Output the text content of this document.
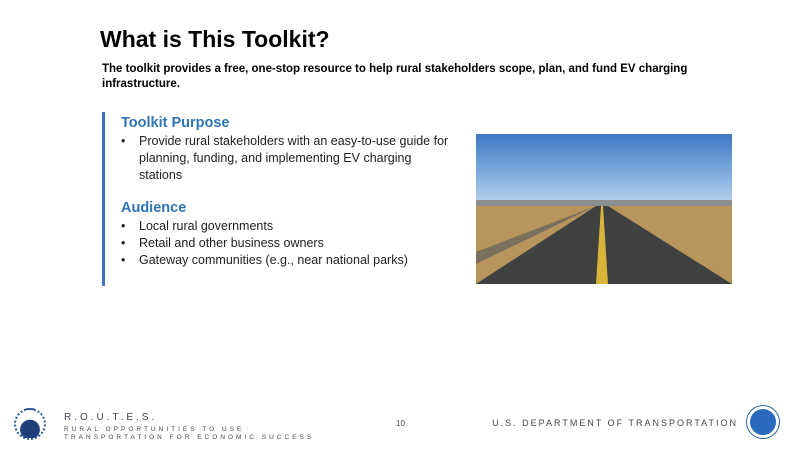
What is This Toolkit?
The toolkit provides a free, one-stop resource to help rural stakeholders scope, plan, and fund EV charging infrastructure.
Toolkit Purpose
• Provide rural stakeholders with an easy-to-use guide for planning, funding, and implementing EV charging stations
Audience
• Local rural governments
• Retail and other business owners
• Gateway communities (e.g., near national parks)
R.O.U.T.E.S.
RURAL OPPORTUNITIES TO USE TRANSPORTATION FOR ECONOMIC SUCCESS
10	U.S. DEPARTMENT OF TRANSPORTATION
